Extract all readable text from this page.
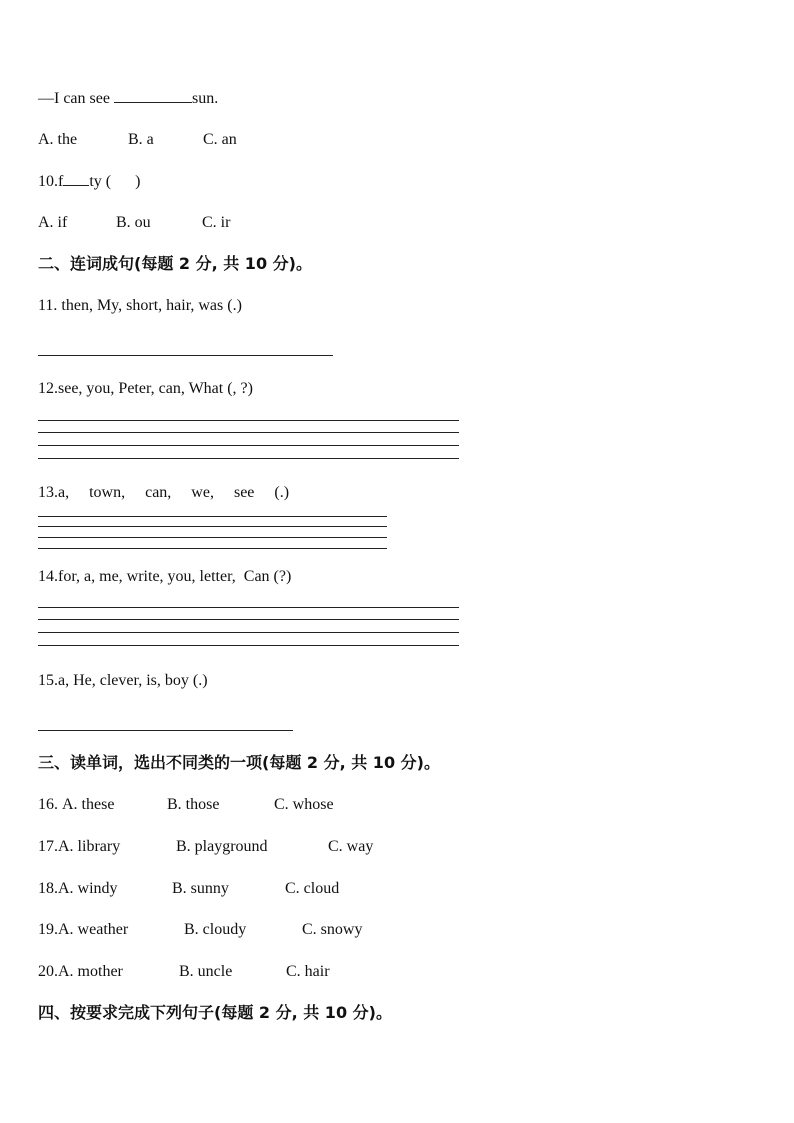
—I can see	sun.
A. the	B. a	C. an
10.f ty (      )
A. if	B. ou	C. ir
二、连词成句(每题 2 分, 共 10 分)。
11. then, My, short, hair, was (.)
12.see, you, Peter, can, What (, ?)
13.a,     town,     can,     we,     see     (.)
14.for, a, me, write, you, letter,  Can (?)
15.a, He, clever, is, boy (.)
三、读单词，选出不同类的一项(每题 2 分, 共 10 分)。
16. A. these	B. those	C. whose
17.A. library	B. playground	C. way
18.A. windy	B. sunny	C. cloud
19.A. weather	B. cloudy	C. snowy
20.A. mother	B. uncle	C. hair
四、按要求完成下列句子(每题 2 分, 共 10 分)。
